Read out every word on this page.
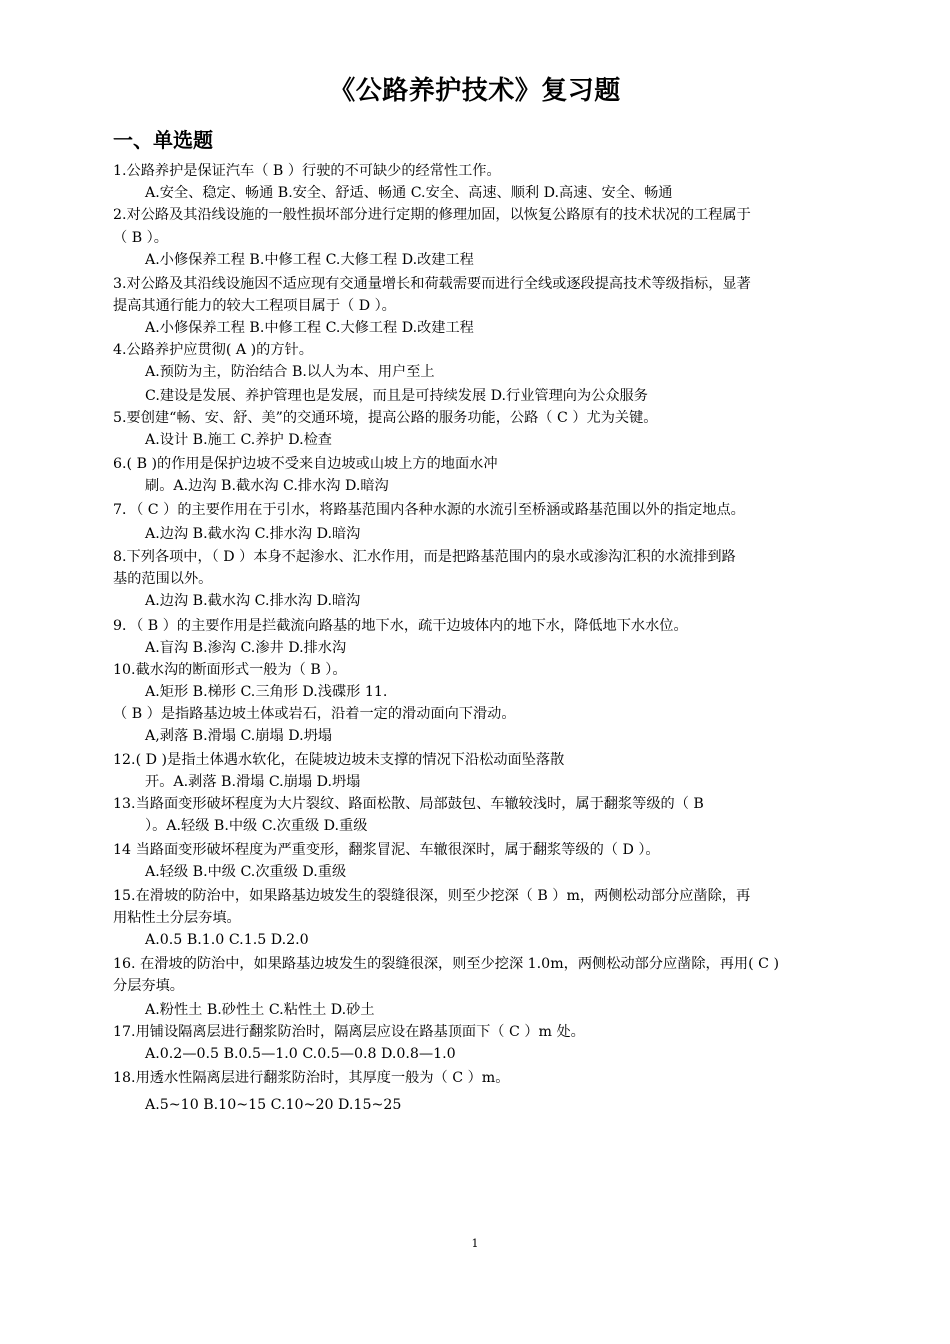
《公路养护技术》复习题
一、单选题
1.公路养护是保证汽车（ B ）行驶的不可缺少的经常性工作。
A.安全、稳定、畅通 B.安全、舒适、畅通 C.安全、高速、顺利 D.高速、安全、畅通
2.对公路及其沿线设施的一般性损坏部分进行定期的修理加固，以恢复公路原有的技术状况的工程属于
（ B ）。
A.小修保养工程 B.中修工程 C.大修工程 D.改建工程
3.对公路及其沿线设施因不适应现有交通量增长和荷载需要而进行全线或逐段提高技术等级指标，显著
提高其通行能力的较大工程项目属于（ D ）。
A.小修保养工程 B.中修工程 C.大修工程 D.改建工程
4.公路养护应贯彻( A )的方针。
A.预防为主，防治结合 B.以人为本、用户至上
C.建设是发展、养护管理也是发展，而且是可持续发展 D.行业管理向为公众服务
5.要创建“畅、安、舒、美”的交通环境，提高公路的服务功能，公路（ C ）尤为关键。
A.设计 B.施工 C.养护 D.检查
6.( B )的作用是保护边坡不受来自边坡或山坡上方的地面水冲
刷。A.边沟 B.截水沟 C.排水沟 D.暗沟
7．（ C ）的主要作用在于引水，将路基范围内各种水源的水流引至桥涵或路基范围以外的指定地点。
A.边沟 B.截水沟 C.排水沟 D.暗沟
8.下列各项中，（ D ）本身不起渗水、汇水作用，而是把路基范围内的泉水或渗沟汇积的水流排到路
基的范围以外。
A.边沟 B.截水沟 C.排水沟 D.暗沟
9．（ B ）的主要作用是拦截流向路基的地下水，疏干边坡体内的地下水，降低地下水水位。
A.盲沟 B.渗沟 C.渗井 D.排水沟
10.截水沟的断面形式一般为（ B ）。
A.矩形 B.梯形 C.三角形 D.浅碟形 11.
（ B ）是指路基边坡土体或岩石，沿着一定的滑动面向下滑动。
A,剥落 B.滑塌 C.崩塌 D.坍塌
12.( D )是指土体遇水软化，在陡坡边坡未支撑的情况下沿松动面坠落散
开。A.剥落 B.滑塌 C.崩塌 D.坍塌
13.当路面变形破坏程度为大片裂纹、路面松散、局部鼓包、车辙较浅时，属于翻浆等级的（ B
）。A.轻级 B.中级 C.次重级 D.重级
14 当路面变形破坏程度为严重变形，翻浆冒泥、车辙很深时，属于翻浆等级的（ D ）。
A.轻级 B.中级 C.次重级 D.重级
15.在滑坡的防治中，如果路基边坡发生的裂缝很深，则至少挖深（ B ）m，两侧松动部分应凿除，再
用粘性土分层夯填。
A.0.5 B.1.0 C.1.5 D.2.0
16. 在滑坡的防治中，如果路基边坡发生的裂缝很深，则至少挖深 1.0m，两侧松动部分应凿除，再用( C )
分层夯填。
A.粉性土 B.砂性土 C.粘性土 D.砂土
17.用铺设隔离层进行翻浆防治时，隔离层应设在路基顶面下（ C ）m 处。
A.0.2—0.5 B.0.5—1.0 C.0.5—0.8 D.0.8—1.0
18.用透水性隔离层进行翻浆防治时，其厚度一般为（ C ）m。
A.5~10 B.10~15 C.10~20 D.15~25
1
